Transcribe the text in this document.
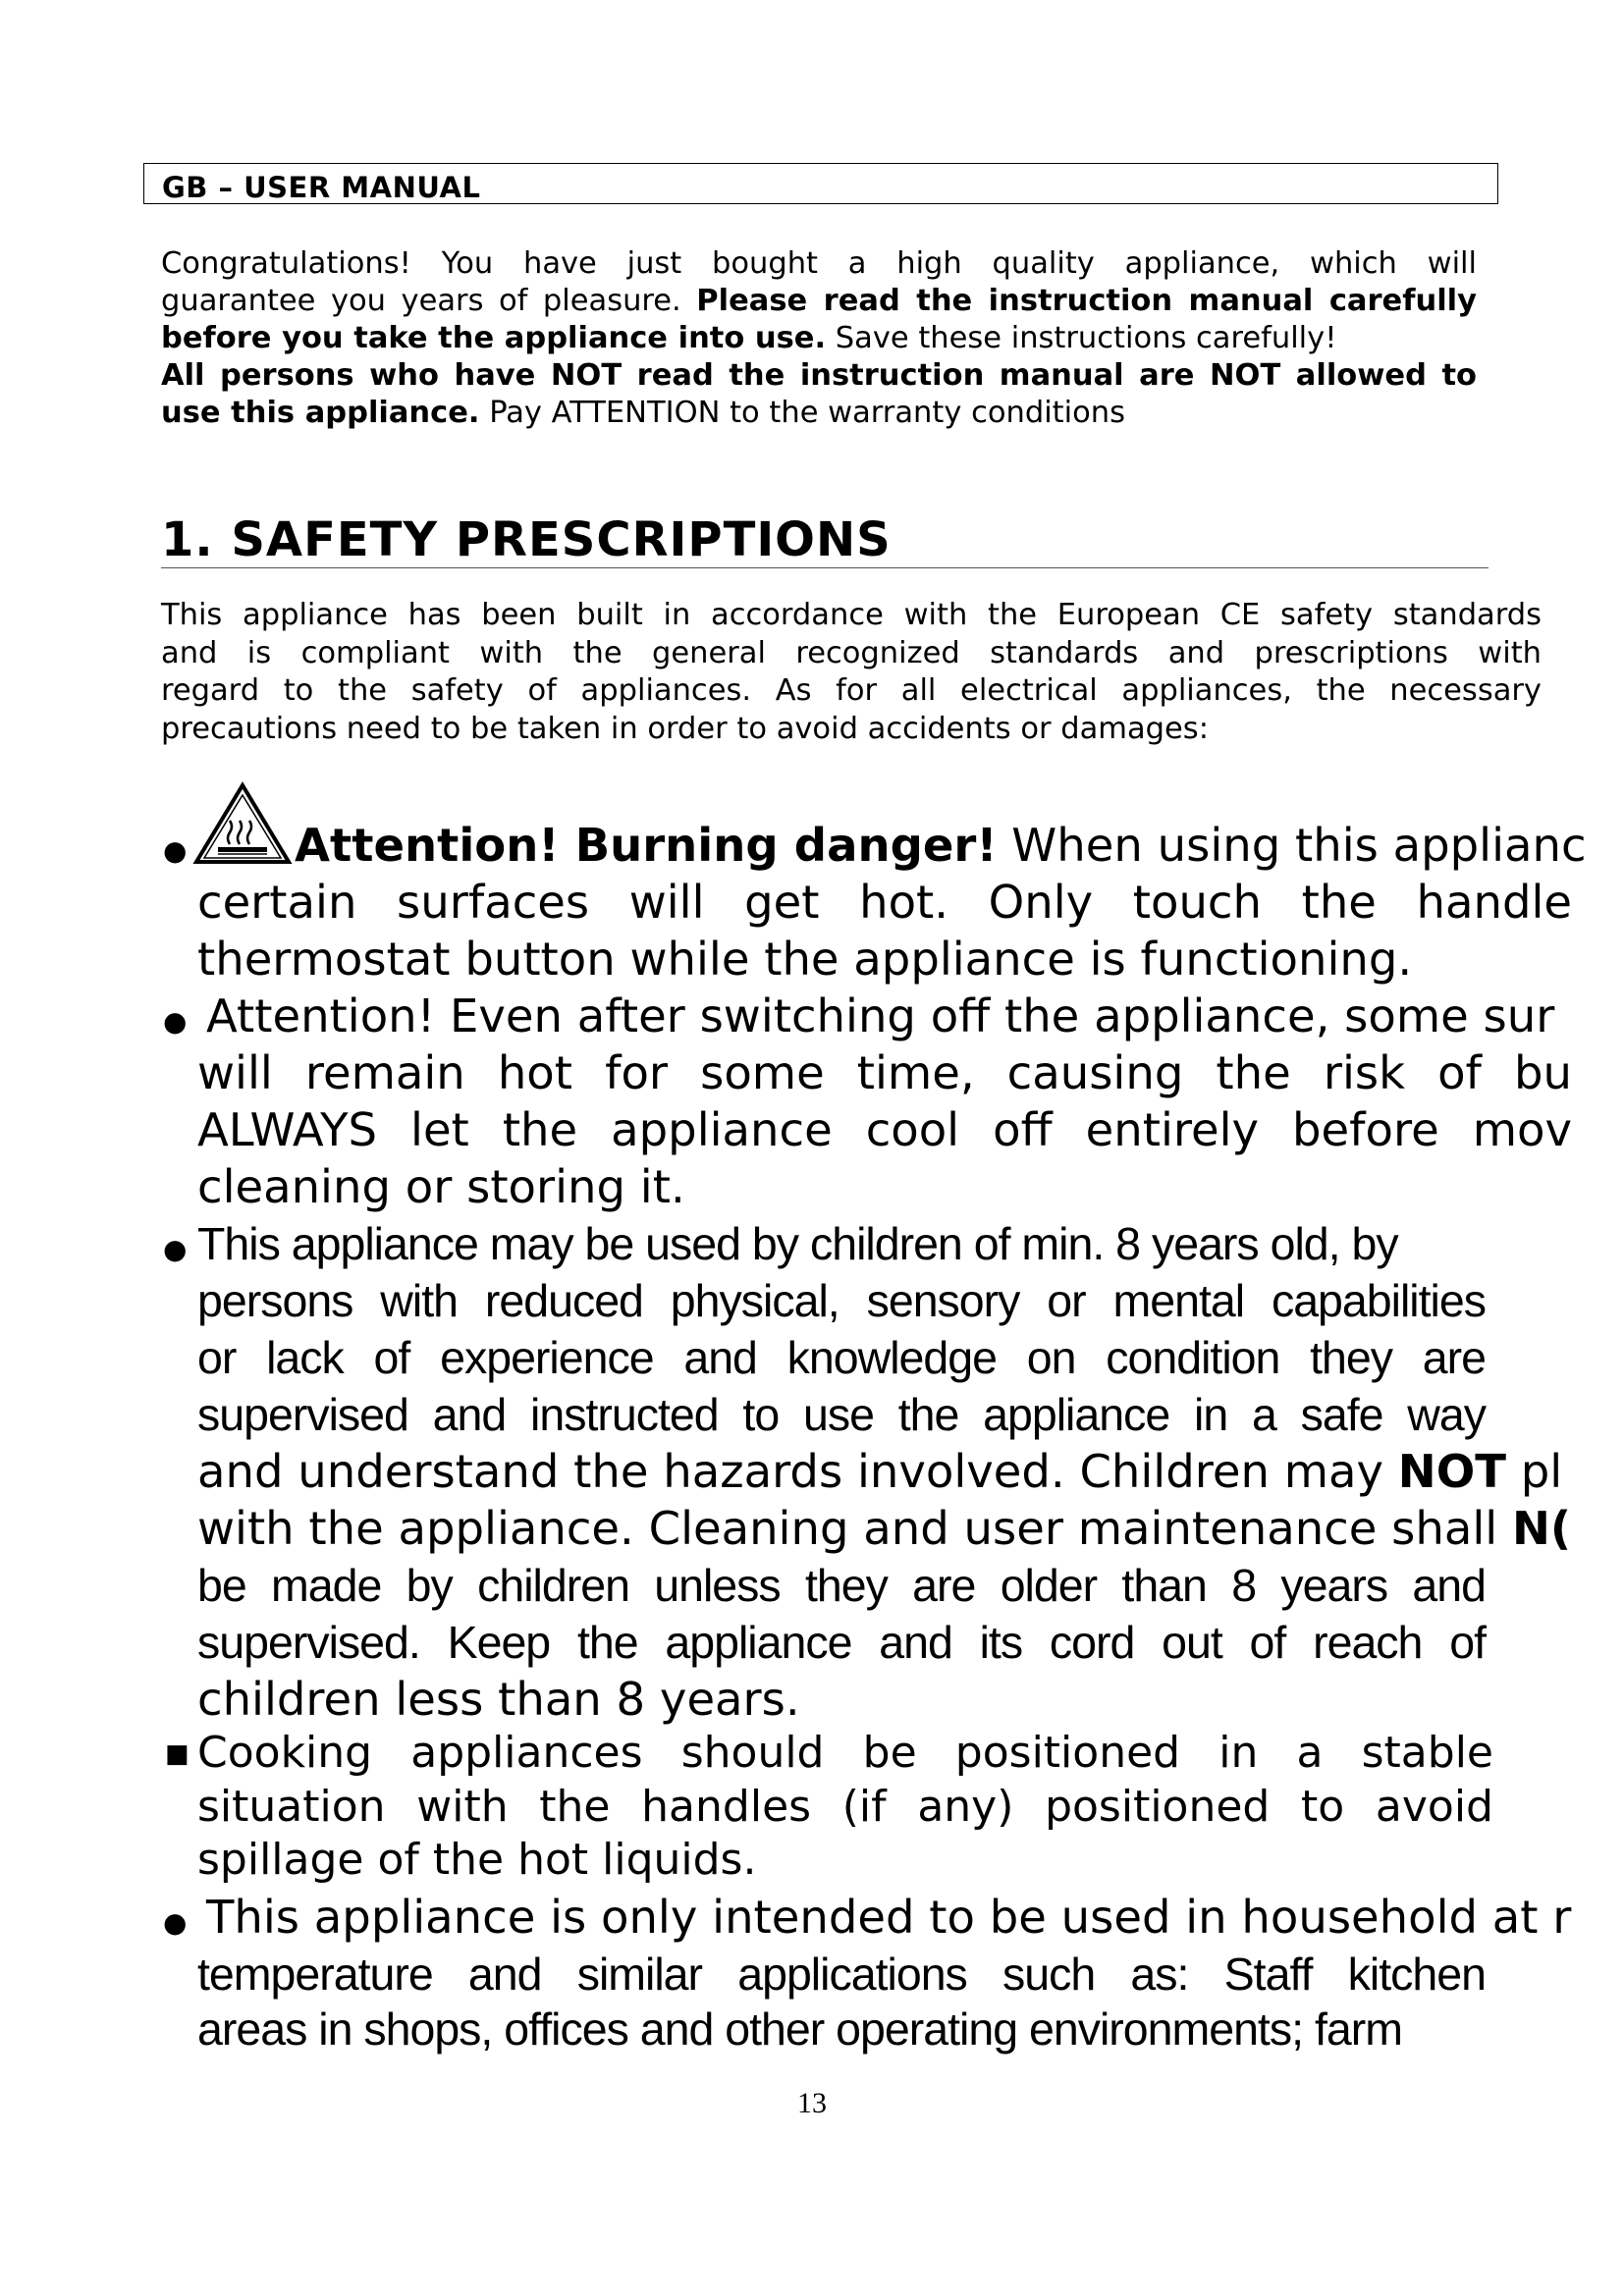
GB – USER MANUAL
Congratulations! You have just bought a high quality appliance, which will
guarantee you years of pleasure. Please read the instruction manual carefully
before you take the appliance into use. Save these instructions carefully!
All persons who have NOT read the instruction manual are NOT allowed to
use this appliance. Pay ATTENTION to the warranty conditions
1. SAFETY PRESCRIPTIONS
This appliance has been built in accordance with the European CE safety standards
and is compliant with the general recognized standards and prescriptions with
regard to the safety of appliances. As for all electrical appliances, the necessary
precautions need to be taken in order to avoid accidents or damages:
● Attention! Burning danger! When using this applianc
certain surfaces will get hot. Only touch the handle
thermostat button while the appliance is functioning.
● Attention! Even after switching off the appliance, some sur
will remain hot for some time, causing the risk of bu
ALWAYS let the appliance cool off entirely before mov
cleaning or storing it.
● This appliance may be used by children of min. 8 years old, by
persons with reduced physical, sensory or mental capabilities
or lack of experience and knowledge on condition they are
supervised and instructed to use the appliance in a safe way
and understand the hazards involved. Children may NOT pl
with the appliance. Cleaning and user maintenance shall N(
be made by children unless they are older than 8 years and
supervised. Keep the appliance and its cord out of reach of
children less than 8 years.
■ Cooking appliances should be positioned in a stable
situation with the handles (if any) positioned to avoid
spillage of the hot liquids.
● This appliance is only intended to be used in household at r
temperature and similar applications such as: Staff kitchen
areas in shops, offices and other operating environments; farm
13
